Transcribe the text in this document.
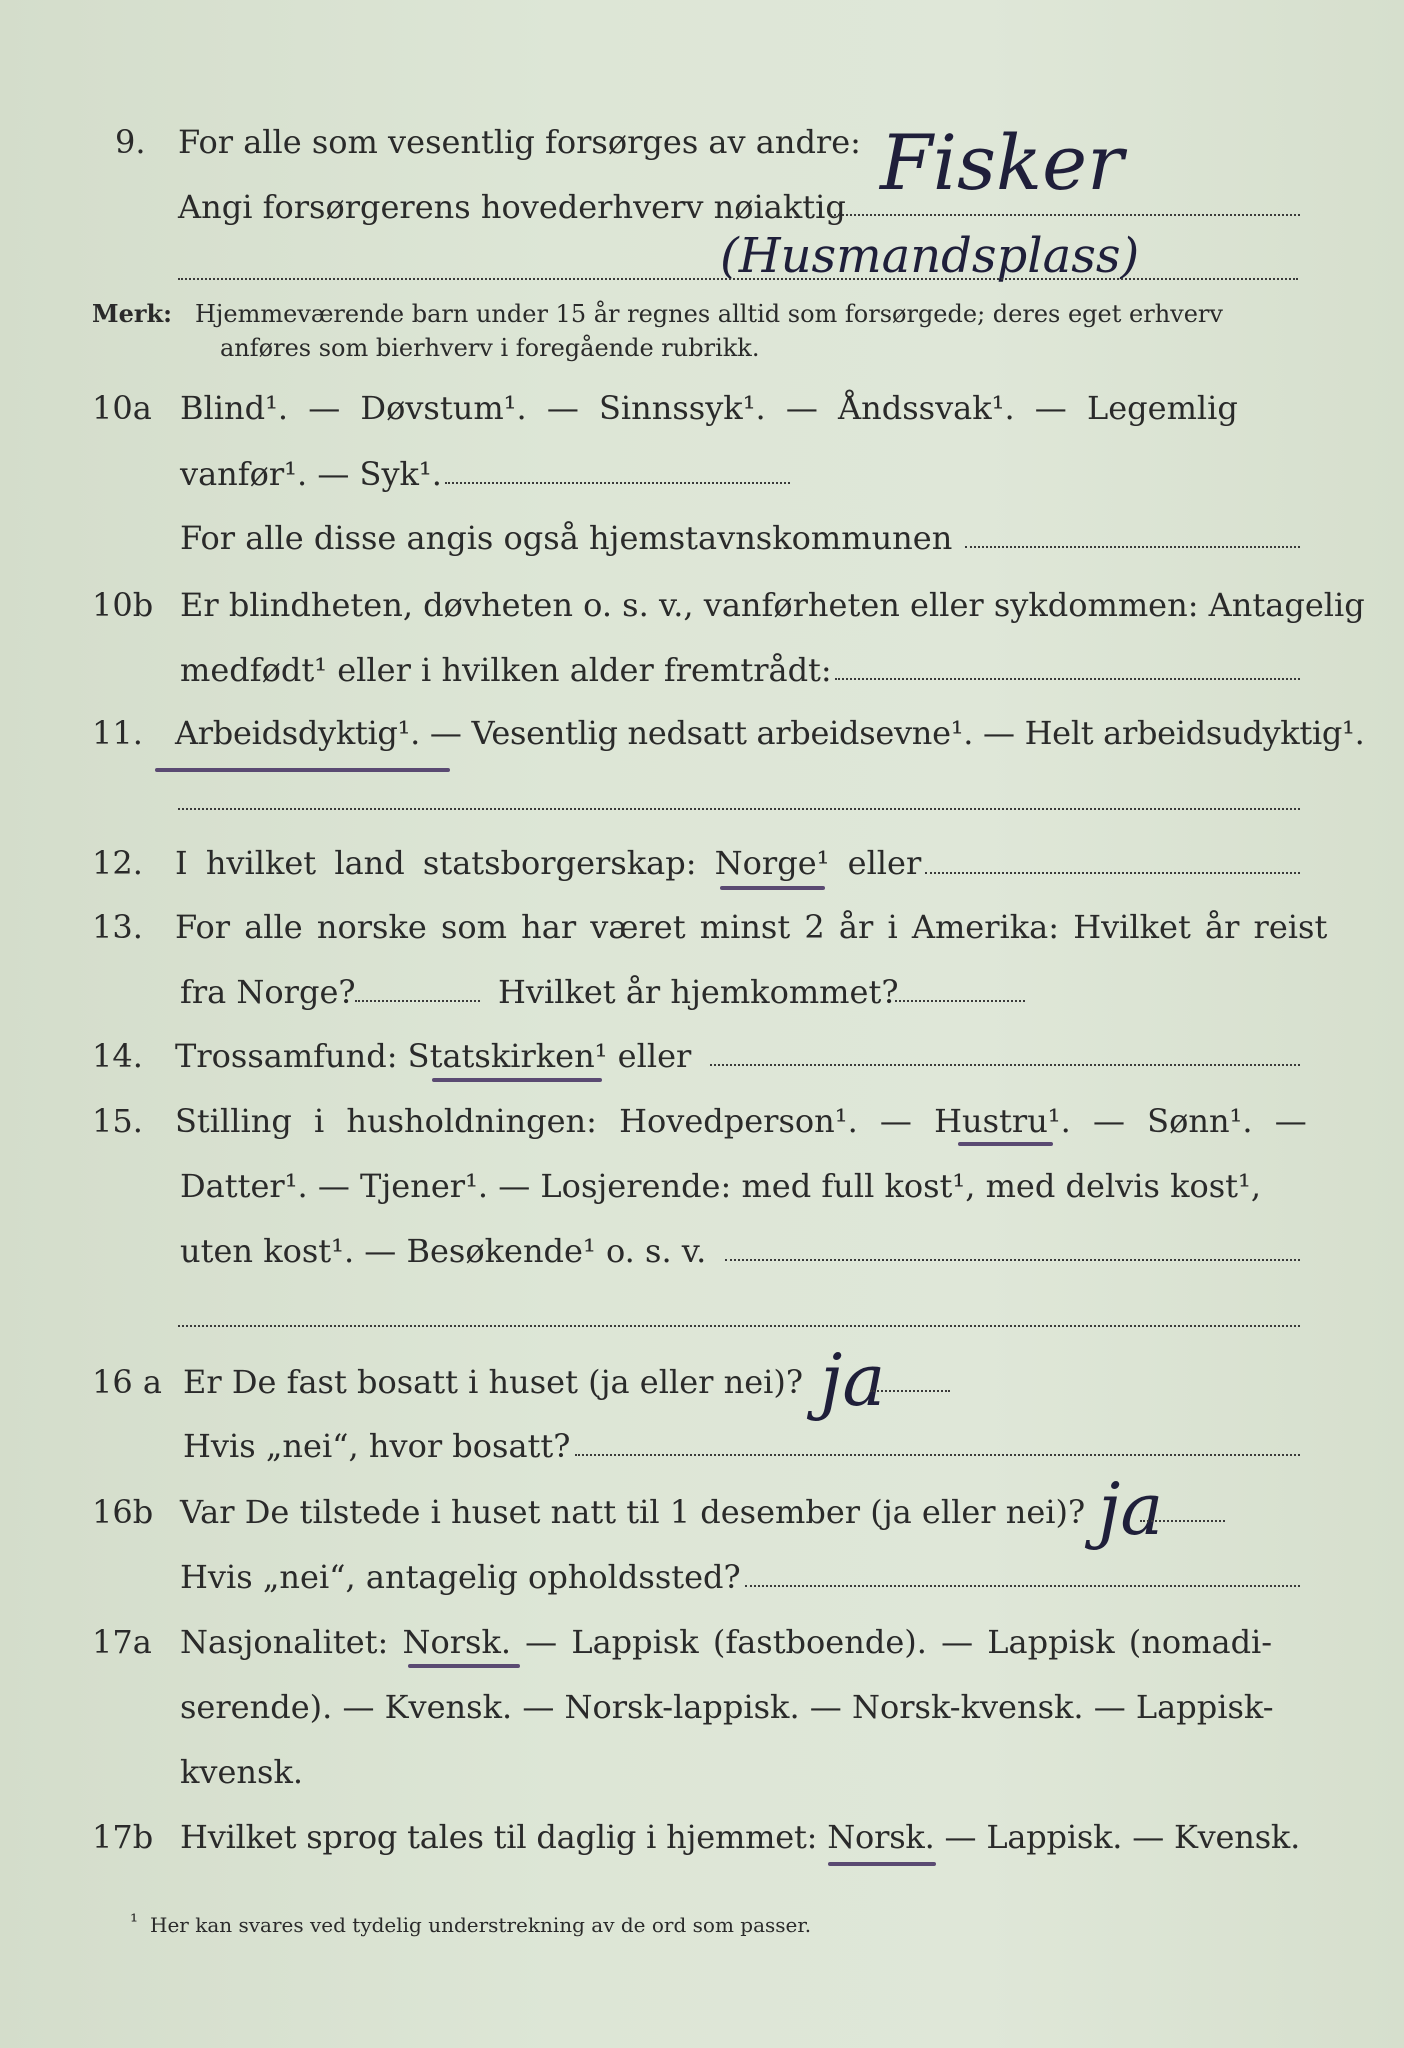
9. For alle som vesentlig forsørges av andre: Fisker
Angi forsørgerens hovederhverv nøiaktig
(Husmandsplass)
Merk: Hjemmeværende barn under 15 år regnes alltid som forsørgede; deres eget erhverv
anføres som bierhverv i foregående rubrikk.
10a Blind¹. — Døvstum¹. — Sinnssyk¹. — Åndssvak¹. — Legemlig
vanfør¹. — Syk¹.
For alle disse angis også hjemstavnskommunen
10b Er blindheten, døvheten o. s. v., vanførheten eller sykdommen: Antagelig
medfødt¹ eller i hvilken alder fremtrådt:
11. Arbeidsdyktig¹. — Vesentlig nedsatt arbeidsevne¹. — Helt arbeidsudyktig¹.
12. I hvilket land statsborgerskap: Norge¹ eller
13. For alle norske som har været minst 2 år i Amerika: Hvilket år reist
fra Norge?	Hvilket år hjemkommet?
14. Trossamfund: Statskirken¹ eller
15. Stilling i husholdningen: Hovedperson¹. — Hustru¹. — Sønn¹. —
Datter¹. — Tjener¹. — Losjerende: med full kost¹, med delvis kost¹,
uten kost¹. — Besøkende¹ o. s. v.
16 a Er De fast bosatt i huset (ja eller nei)? ja
Hvis „nei“, hvor bosatt?
16b Var De tilstede i huset natt til 1 desember (ja eller nei)? ja
Hvis „nei“, antagelig opholdssted?
17a Nasjonalitet: Norsk. — Lappisk (fastboende). — Lappisk (nomadi-
serende). — Kvensk. — Norsk-lappisk. — Norsk-kvensk. — Lappisk-
kvensk.
17b Hvilket sprog tales til daglig i hjemmet: Norsk. — Lappisk. — Kvensk.
¹ Her kan svares ved tydelig understrekning av de ord som passer.
